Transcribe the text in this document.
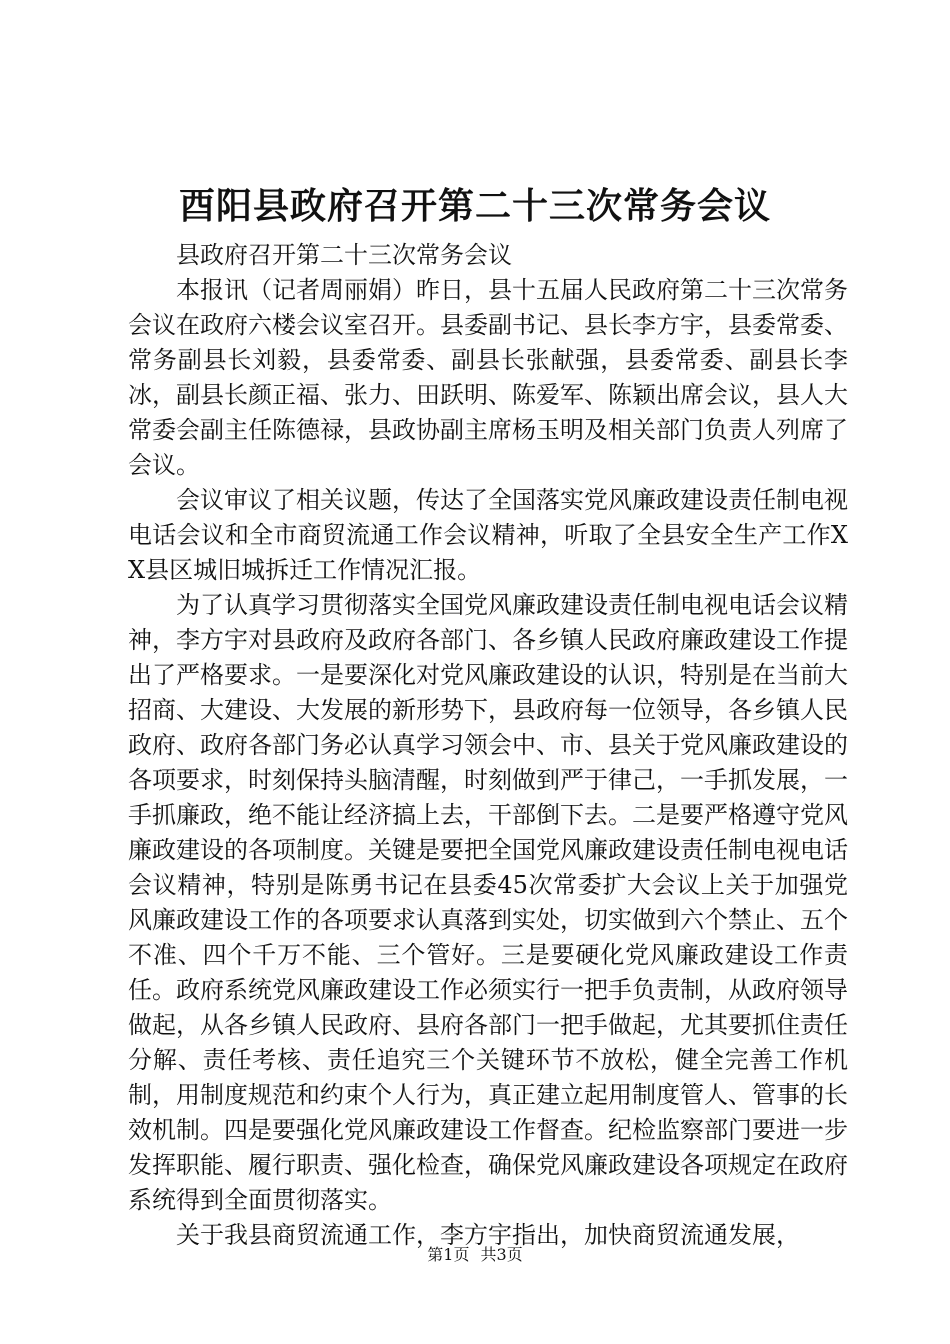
酉阳县政府召开第二十三次常务会议

县政府召开第二十三次常务会议

本报讯（记者周丽娟）昨日，县十五届人民政府第二十三次常务会议在政府六楼会议室召开。县委副书记、县长李方宇，县委常委、常务副县长刘毅，县委常委、副县长张献强，县委常委、副县长李冰，副县长颜正福、张力、田跃明、陈爱军、陈颖出席会议，县人大常委会副主任陈德禄，县政协副主席杨玉明及相关部门负责人列席了会议。

会议审议了相关议题，传达了全国落实党风廉政建设责任制电视电话会议和全市商贸流通工作会议精神，听取了全县安全生产工作XX县区城旧城拆迁工作情况汇报。

为了认真学习贯彻落实全国党风廉政建设责任制电视电话会议精神，李方宇对县政府及政府各部门、各乡镇人民政府廉政建设工作提出了严格要求。一是要深化对党风廉政建设的认识，特别是在当前大招商、大建设、大发展的新形势下，县政府每一位领导，各乡镇人民政府、政府各部门务必认真学习领会中、市、县关于党风廉政建设的各项要求，时刻保持头脑清醒，时刻做到严于律己，一手抓发展，一手抓廉政，绝不能让经济搞上去，干部倒下去。二是要严格遵守党风廉政建设的各项制度。关键是要把全国党风廉政建设责任制电视电话会议精神，特别是陈勇书记在县委45次常委扩大会议上关于加强党风廉政建设工作的各项要求认真落到实处，切实做到六个禁止、五个不准、四个千万不能、三个管好。三是要硬化党风廉政建设工作责任。政府系统党风廉政建设工作必须实行一把手负责制，从政府领导做起，从各乡镇人民政府、县府各部门一把手做起，尤其要抓住责任分解、责任考核、责任追究三个关键环节不放松，健全完善工作机制，用制度规范和约束个人行为，真正建立起用制度管人、管事的长效机制。四是要强化党风廉政建设工作督查。纪检监察部门要进一步发挥职能、履行职责、强化检查，确保党风廉政建设各项规定在政府系统得到全面贯彻落实。

关于我县商贸流通工作，李方宇指出，加快商贸流通发展，

第1页 共3页
